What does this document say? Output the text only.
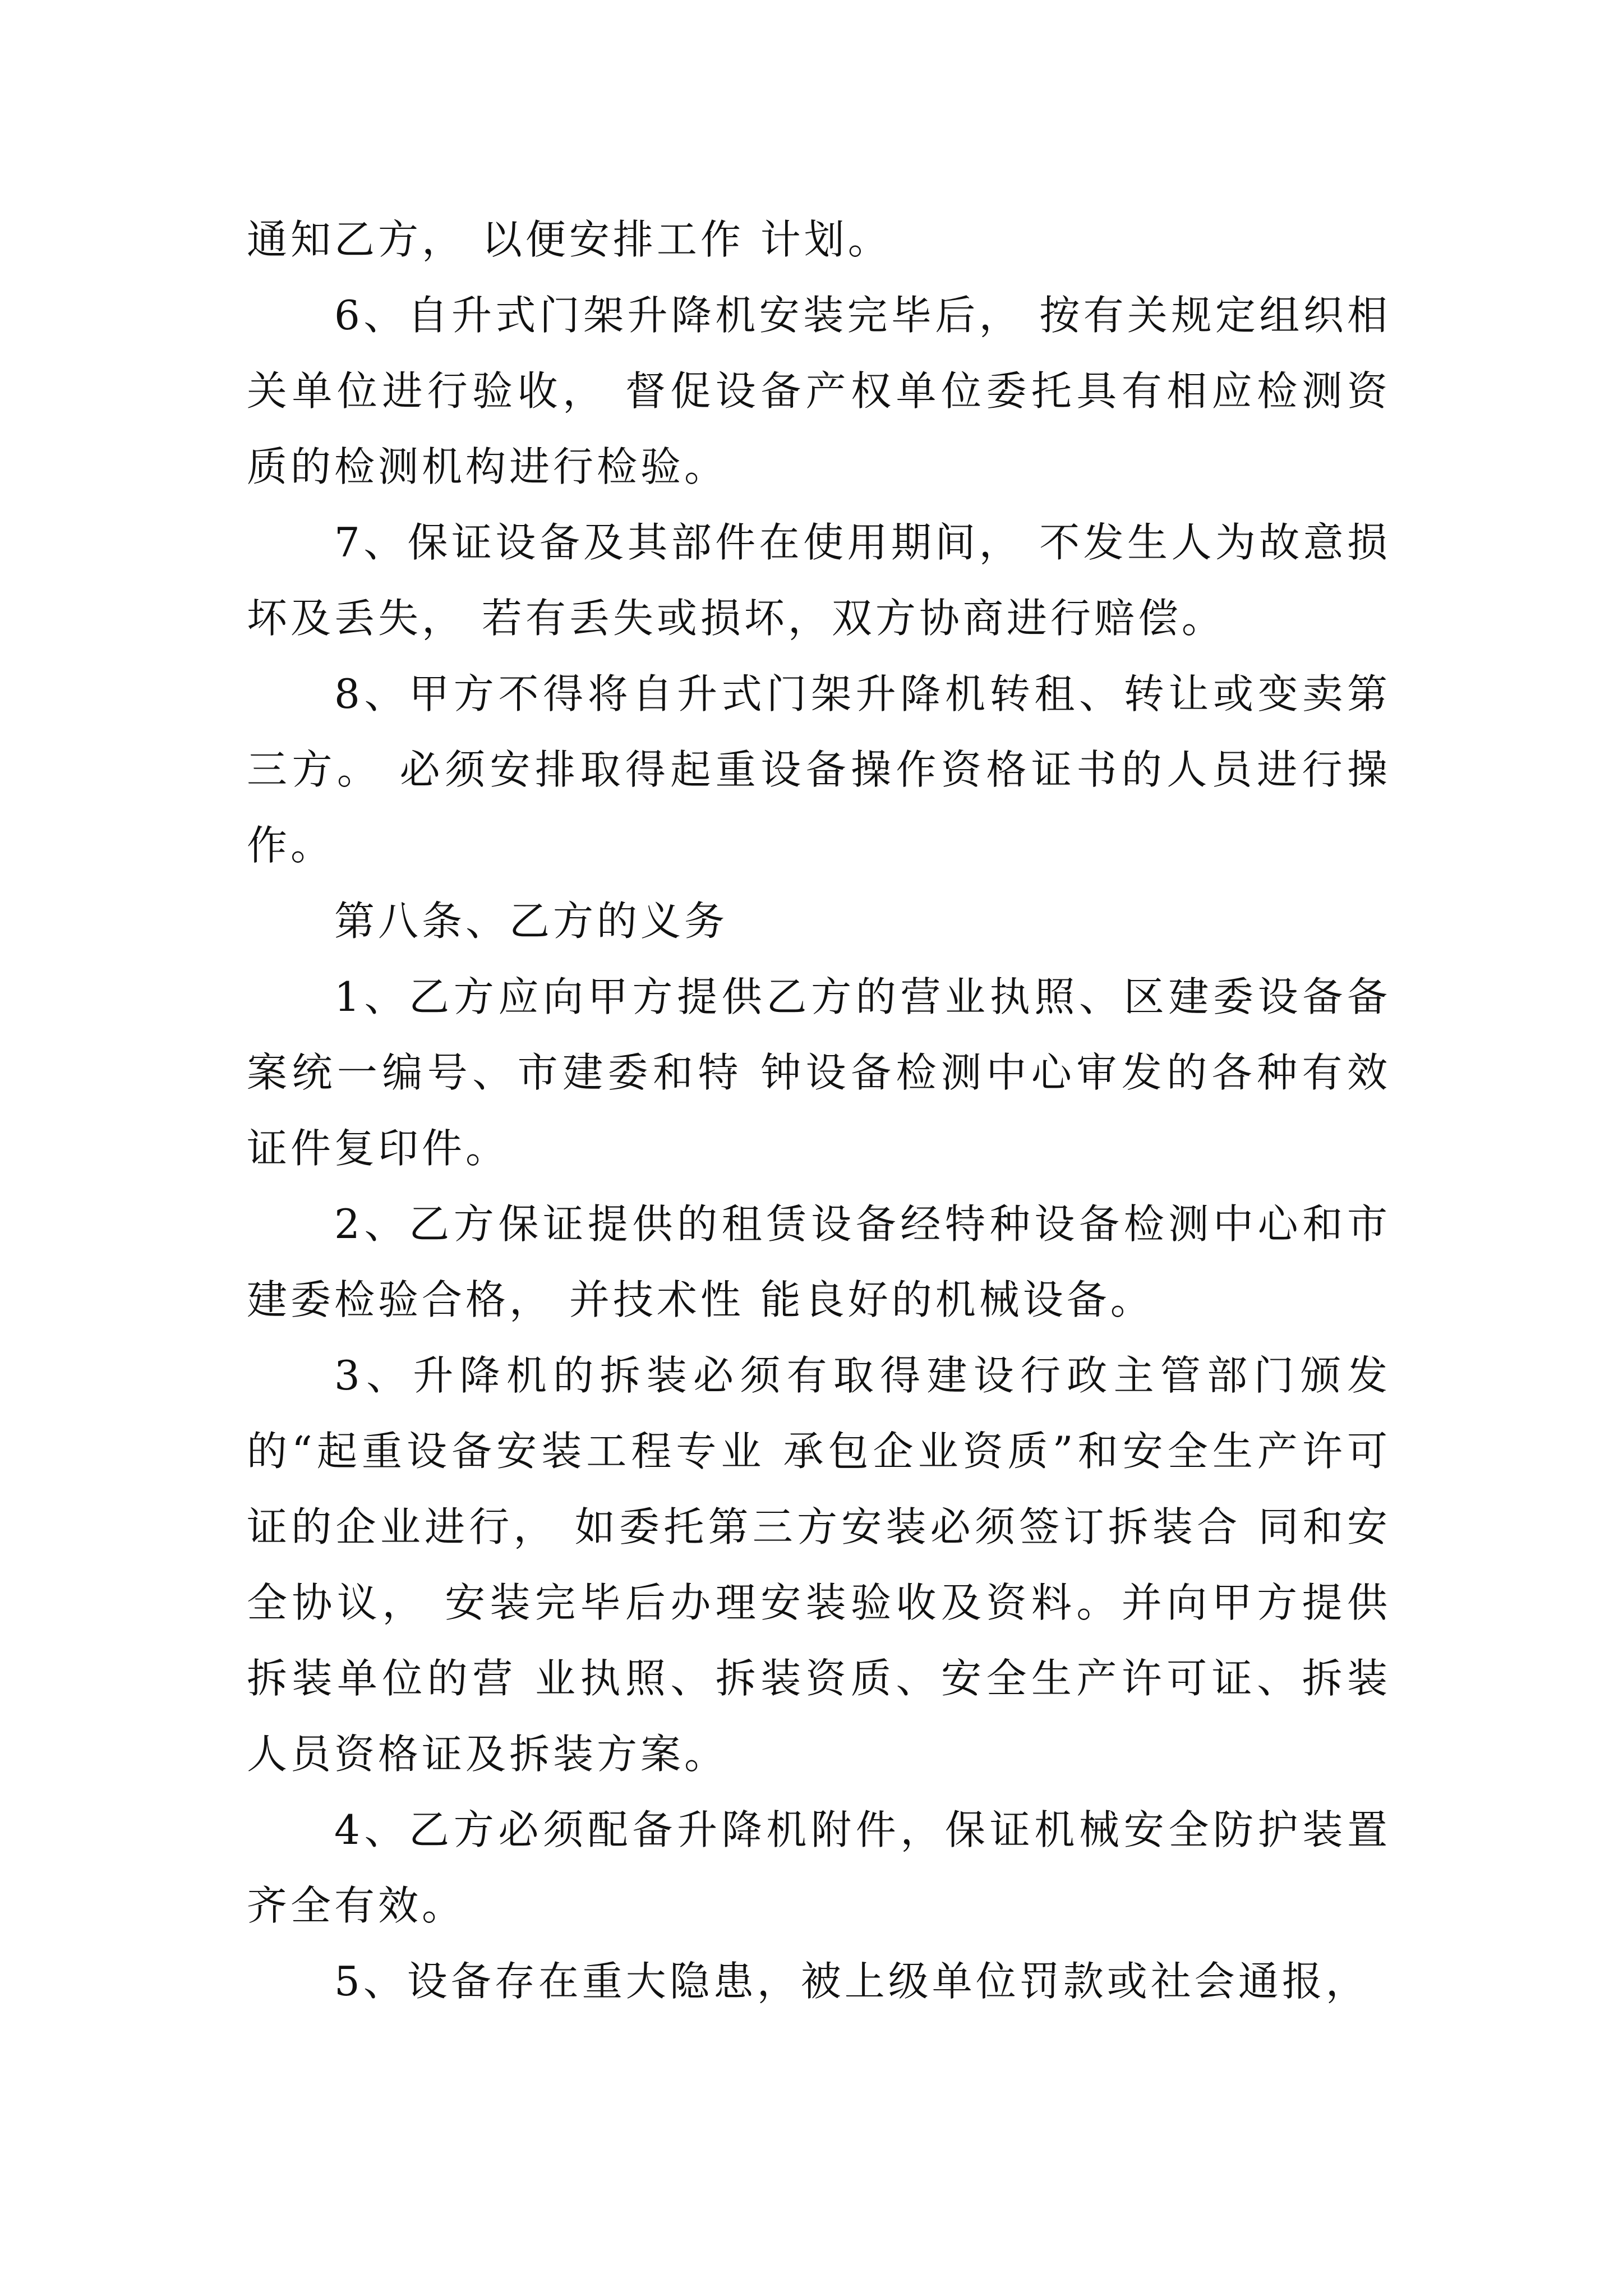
通知乙方， 以便安排工作 计划。

6、自升式门架升降机安装完毕后， 按有关规定组织相关单位进行验收， 督促设备产权单位委托具有相应检测资质的检测机构进行检验。

7、保证设备及其部件在使用期间， 不发生人为故意损坏及丢失， 若有丢失或损坏，双方协商进行赔偿。

8、甲方不得将自升式门架升降机转租、转让或变卖第三方。 必须安排取得起重设备操作资格证书的人员进行操作。

第八条、乙方的义务

1、乙方应向甲方提供乙方的营业执照、区建委设备备案统一编号、市建委和特 钟设备检测中心审发的各种有效证件复印件。

2、乙方保证提供的租赁设备经特种设备检测中心和市建委检验合格， 并技术性 能良好的机械设备。

3、升降机的拆装必须有取得建设行政主管部门颁发的“起重设备安装工程专业 承包企业资质”和安全生产许可证的企业进行， 如委托第三方安装必须签订拆装合 同和安全协议， 安装完毕后办理安装验收及资料。并向甲方提供拆装单位的营 业执照、拆装资质、安全生产许可证、拆装人员资格证及拆装方案。

4、乙方必须配备升降机附件，保证机械安全防护装置齐全有效。

5、设备存在重大隐患，被上级单位罚款或社会通报，
